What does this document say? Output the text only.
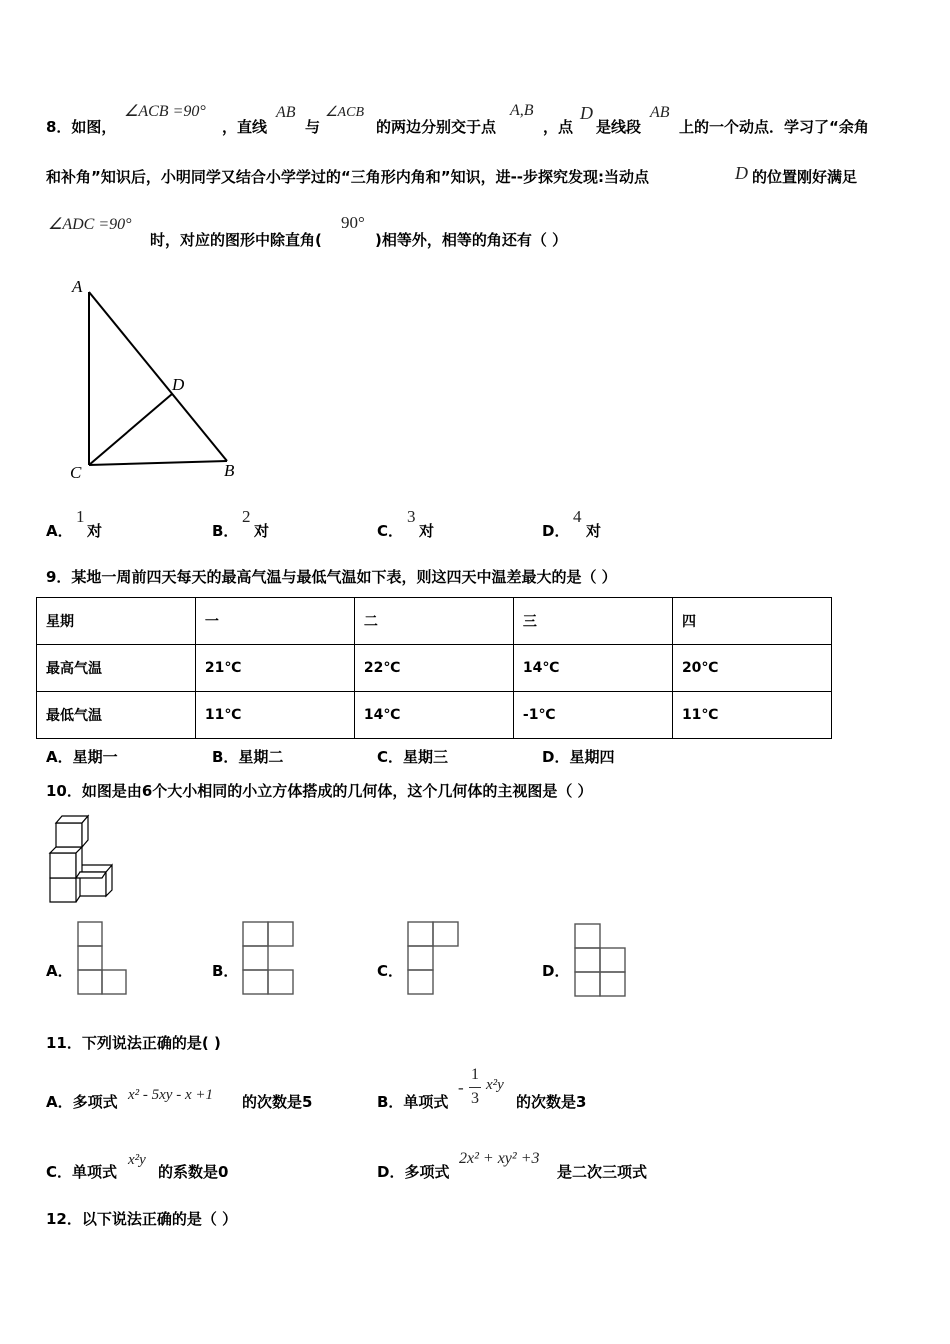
8．如图，
∠ACB =90°
，直线
AB
与
∠ACB
的两边分别交于点
A,B
，点
D
是线段
AB
上的一个动点．学习了“余角
和补角”知识后，小明同学又结合小学学过的“三角形内角和”知识，进--步探究发现:当动点	D 的位置刚好满足
∠ADC =90°
时，对应的图形中除直角(
90°
)相等外，相等的角还有（ ）
A
D
C	B
A．
1
对	B．
2
对	C．
3
对	D．
4
对
9．某地一周前四天每天的最高气温与最低气温如下表，则这四天中温差最大的是（ ）
星期	一	二	三	四
最高气温	21℃	22℃	14℃	20℃
最低气温	11℃	14℃	-1℃	11℃
A．星期一	B．星期二	C．星期三	D．星期四
10．如图是由6个大小相同的小立方体搭成的几何体，这个几何体的主视图是（ ）
A．	B．	C．	D．
11．下列说法正确的是( )
A．多项式 x² - 5xy - x +1 的次数是5	B．单项式
-
1
3
x²y
的次数是3
C．单项式
x²y
的系数是0	D．多项式
2x² + xy² +3
是二次三项式
12．以下说法正确的是（ ）
